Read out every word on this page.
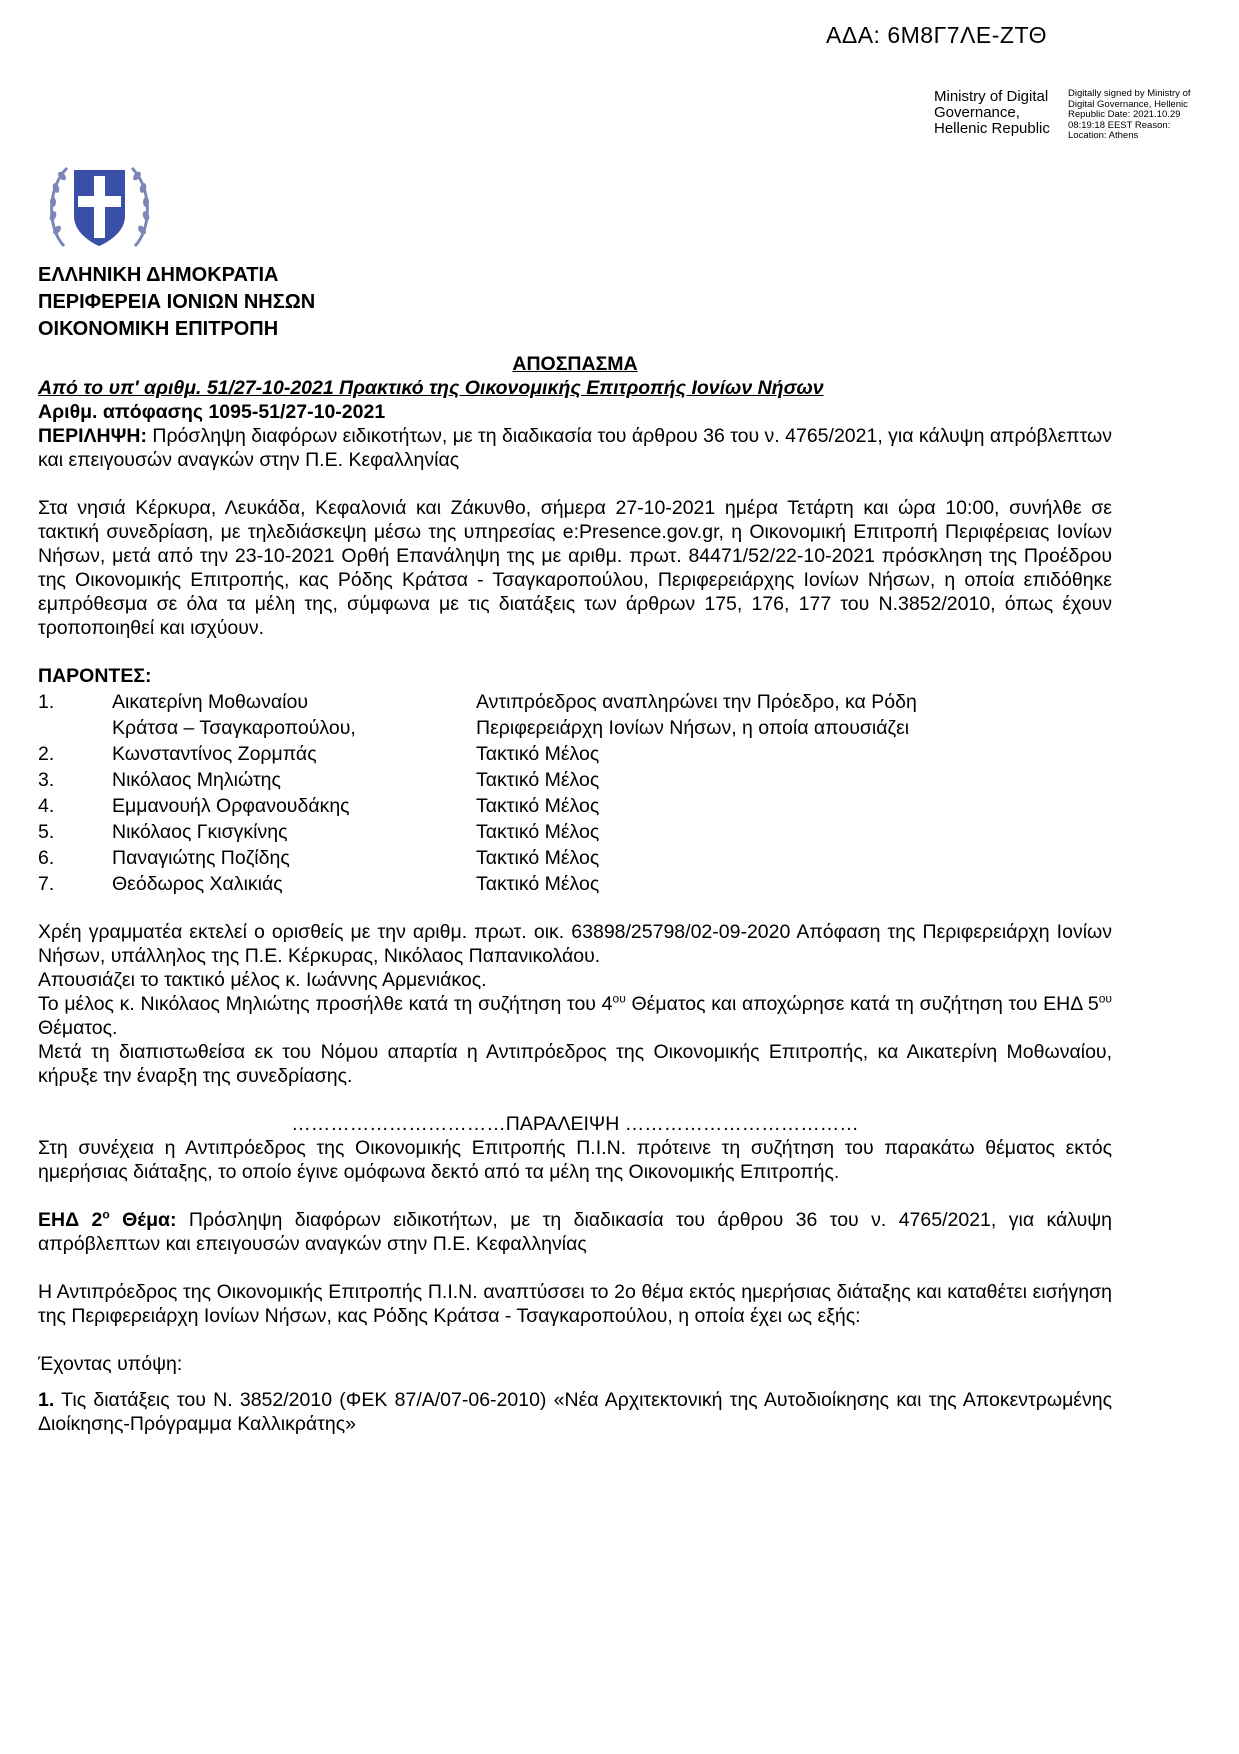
ΑΔΑ: 6Μ8Γ7ΛΕ-ΖΤΘ
Ministry of Digital Governance, Hellenic Republic
Digitally signed by Ministry of Digital Governance, Hellenic Republic Date: 2021.10.29 08:19:18 EEST Reason: Location: Athens
ΕΛΛΗΝΙΚΗ ΔΗΜΟΚΡΑΤΙΑ
ΠΕΡΙΦΕΡΕΙΑ ΙΟΝΙΩΝ ΝΗΣΩΝ
ΟΙΚΟΝΟΜΙΚΗ ΕΠΙΤΡΟΠΗ
ΑΠΟΣΠΑΣΜΑ
Από το υπ' αριθμ. 51/27-10-2021 Πρακτικό της Οικονομικής Επιτροπής Ιονίων Νήσων
Αριθμ. απόφασης 1095-51/27-10-2021

ΠΕΡΙΛΗΨΗ: Πρόσληψη διαφόρων ειδικοτήτων, με τη διαδικασία του άρθρου 36 του ν. 4765/2021, για κάλυψη απρόβλεπτων και επειγουσών αναγκών στην Π.Ε. Κεφαλληνίας

Στα νησιά Κέρκυρα, Λευκάδα, Κεφαλονιά και Ζάκυνθο, σήμερα 27-10-2021 ημέρα Τετάρτη και ώρα 10:00, συνήλθε σε τακτική συνεδρίαση, με τηλεδιάσκεψη μέσω της υπηρεσίας e:Presence.gov.gr, η Οικονομική Επιτροπή Περιφέρειας Ιονίων Νήσων, μετά από την 23-10-2021 Ορθή Επανάληψη της με αριθμ. πρωτ. 84471/52/22-10-2021 πρόσκληση της Προέδρου της Οικονομικής Επιτροπής, κας Ρόδης Κράτσα - Τσαγκαροπούλου, Περιφερειάρχης Ιονίων Νήσων, η οποία επιδόθηκε εμπρόθεσμα σε όλα τα μέλη της, σύμφωνα με τις διατάξεις των άρθρων 175, 176, 177 του Ν.3852/2010, όπως έχουν τροποποιηθεί και ισχύουν.

ΠΑΡΟΝΤΕΣ:
1.	Αικατερίνη Μοθωναίου	Αντιπρόεδρος αναπληρώνει την Πρόεδρο, κα Ρόδη
Κράτσα – Τσαγκαροπούλου,	Περιφερειάρχη Ιονίων Νήσων, η οποία απουσιάζει
2.	Κωνσταντίνος Ζορμπάς	Τακτικό Μέλος
3.	Νικόλαος Μηλιώτης	Τακτικό Μέλος
4.	Εμμανουήλ Ορφανουδάκης	Τακτικό Μέλος
5.	Νικόλαος Γκισγκίνης	Τακτικό Μέλος
6.	Παναγιώτης Ποζίδης	Τακτικό Μέλος
7.	Θεόδωρος Χαλικιάς	Τακτικό Μέλος

Χρέη γραμματέα εκτελεί ο ορισθείς με την αριθμ. πρωτ. οικ. 63898/25798/02-09-2020 Απόφαση της Περιφερειάρχη Ιονίων Νήσων, υπάλληλος της Π.Ε. Κέρκυρας, Νικόλαος Παπανικολάου.

Απουσιάζει το τακτικό μέλος κ. Ιωάννης Αρμενιάκος.

Το μέλος κ. Νικόλαος Μηλιώτης προσήλθε κατά τη συζήτηση του $4^{o\upsilon}$ Θέματος και αποχώρησε κατά τη συζήτηση του ΕΗΔ $5^{o\upsilon}$ Θέματος.

Μετά τη διαπιστωθείσα εκ του Νόμου απαρτία η Αντιπρόεδρος της Οικονομικής Επιτροπής, κα Αικατερίνη Μοθωναίου, κήρυξε την έναρξη της συνεδρίασης.

……………………………ΠΑΡΑΛΕΙΨΗ ………………………………

Στη συνέχεια η Αντιπρόεδρος της Οικονομικής Επιτροπής Π.Ι.Ν. πρότεινε τη συζήτηση του παρακάτω θέματος εκτός ημερήσιας διάταξης, το οποίο έγινε ομόφωνα δεκτό από τα μέλη της Οικονομικής Επιτροπής.

ΕΗΔ $2^o$ Θέμα: Πρόσληψη διαφόρων ειδικοτήτων, με τη διαδικασία του άρθρου 36 του ν. 4765/2021, για κάλυψη απρόβλεπτων και επειγουσών αναγκών στην Π.Ε. Κεφαλληνίας

Η Αντιπρόεδρος της Οικονομικής Επιτροπής Π.Ι.Ν. αναπτύσσει το 2ο θέμα εκτός ημερήσιας διάταξης και καταθέτει εισήγηση της Περιφερειάρχη Ιονίων Νήσων, κας Ρόδης Κράτσα - Τσαγκαροπούλου, η οποία έχει ως εξής:

Έχοντας υπόψη:

1. Τις διατάξεις του Ν. 3852/2010 (ΦΕΚ 87/Α/07-06-2010) «Νέα Αρχιτεκτονική της Αυτοδιοίκησης και της Αποκεντρωμένης Διοίκησης-Πρόγραμμα Καλλικράτης»
